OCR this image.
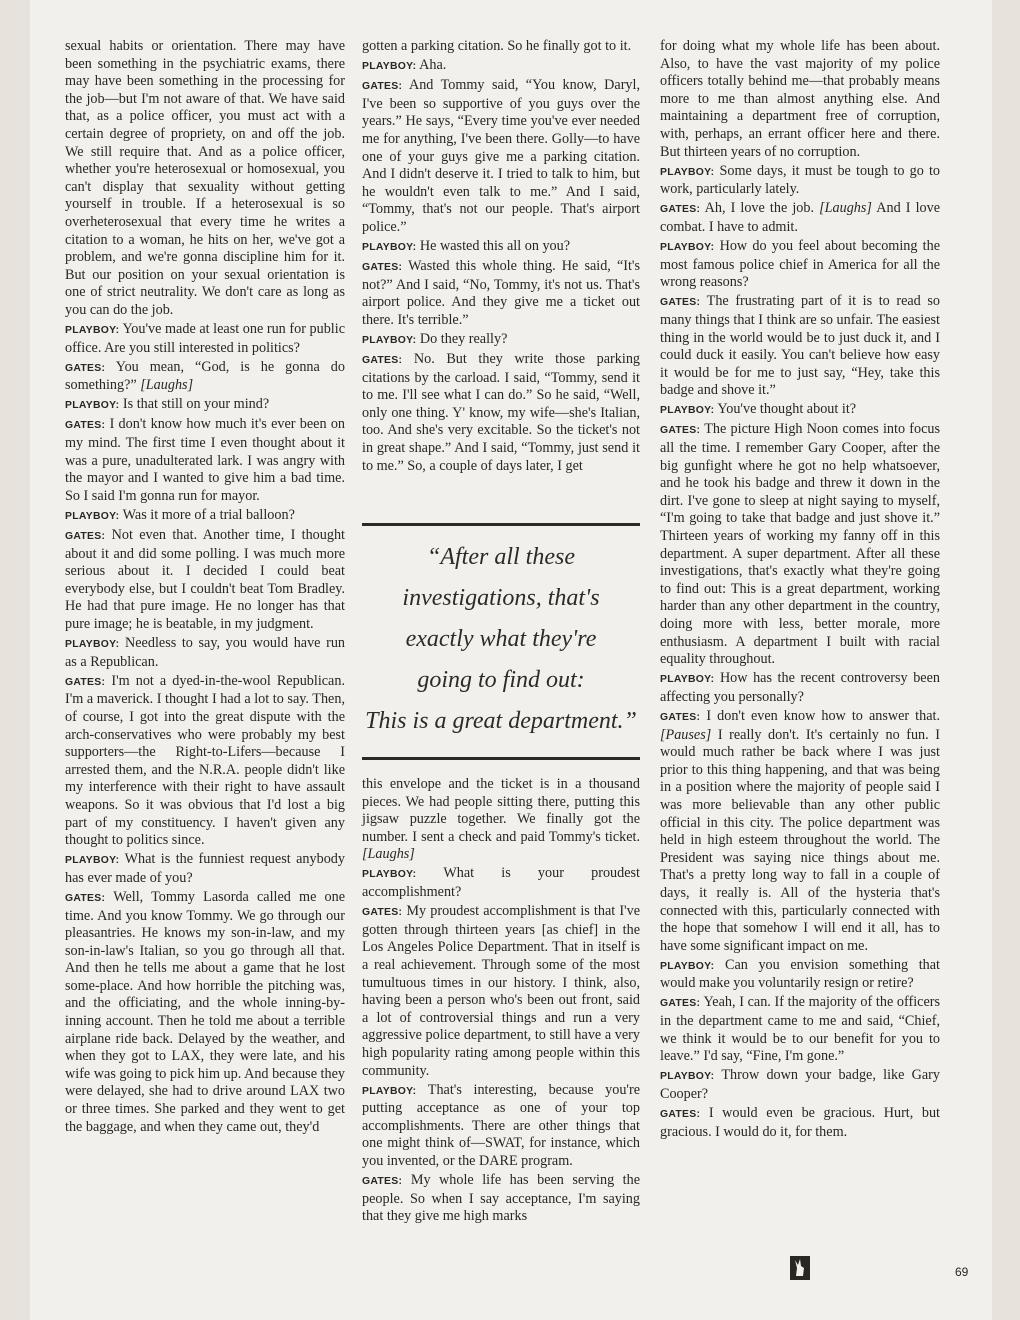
sexual habits or orientation. There may have been something in the psychiatric exams, there may have been something in the processing for the job—but I'm not aware of that. We have said that, as a police officer, you must act with a certain degree of propriety, on and off the job. We still require that. And as a police officer, whether you're heterosexual or homosexual, you can't display that sexuality without getting yourself in trouble. If a heterosexual is so overheterosexual that every time he writes a citation to a woman, he hits on her, we've got a problem, and we're gonna discipline him for it. But our position on your sexual orientation is one of strict neutrality. We don't care as long as you can do the job.

PLAYBOY: You've made at least one run for public office. Are you still interested in politics?

GATES: You mean, “God, is he gonna do something?” [Laughs]

PLAYBOY: Is that still on your mind?

GATES: I don't know how much it's ever been on my mind. The first time I even thought about it was a pure, unadulterated lark. I was angry with the mayor and I wanted to give him a bad time. So I said I'm gonna run for mayor.

PLAYBOY: Was it more of a trial balloon?

GATES: Not even that. Another time, I thought about it and did some polling. I was much more serious about it. I decided I could beat everybody else, but I couldn't beat Tom Bradley. He had that pure image. He no longer has that pure image; he is beatable, in my judgment.

PLAYBOY: Needless to say, you would have run as a Republican.

GATES: I'm not a dyed-in-the-wool Republican. I'm a maverick. I thought I had a lot to say. Then, of course, I got into the great dispute with the arch-conservatives who were probably my best supporters—the Right-to-Lifers—because I arrested them, and the N.R.A. people didn't like my interference with their right to have assault weapons. So it was obvious that I'd lost a big part of my constituency. I haven't given any thought to politics since.

PLAYBOY: What is the funniest request anybody has ever made of you?

GATES: Well, Tommy Lasorda called me one time. And you know Tommy. We go through our pleasantries. He knows my son-in-law, and my son-in-law's Italian, so you go through all that. And then he tells me about a game that he lost some-place. And how horrible the pitching was, and the officiating, and the whole inning-by-inning account. Then he told me about a terrible airplane ride back. Delayed by the weather, and when they got to LAX, they were late, and his wife was going to pick him up. And because they were delayed, she had to drive around LAX two or three times. She parked and they went to get the baggage, and when they came out, they'd

gotten a parking citation. So he finally got to it.

PLAYBOY: Aha.

GATES: And Tommy said, “You know, Daryl, I've been so supportive of you guys over the years.” He says, “Every time you've ever needed me for anything, I've been there. Golly—to have one of your guys give me a parking citation. And I didn't deserve it. I tried to talk to him, but he wouldn't even talk to me.” And I said, “Tommy, that's not our people. That's airport police.”

PLAYBOY: He wasted this all on you?

GATES: Wasted this whole thing. He said, “It's not?” And I said, “No, Tommy, it's not us. That's airport police. And they give me a ticket out there. It's terrible.”

PLAYBOY: Do they really?

GATES: No. But they write those parking citations by the carload. I said, “Tommy, send it to me. I'll see what I can do.” So he said, “Well, only one thing. Y' know, my wife—she's Italian, too. And she's very excitable. So the ticket's not in great shape.” And I said, “Tommy, just send it to me.” So, a couple of days later, I get

“After all these

investigations, that's

exactly what they're

going to find out:

This is a great department.”

this envelope and the ticket is in a thousand pieces. We had people sitting there, putting this jigsaw puzzle together. We finally got the number. I sent a check and paid Tommy's ticket. [Laughs]

PLAYBOY: What is your proudest accomplishment?

GATES: My proudest accomplishment is that I've gotten through thirteen years [as chief] in the Los Angeles Police Department. That in itself is a real achievement. Through some of the most tumultuous times in our history. I think, also, having been a person who's been out front, said a lot of controversial things and run a very aggressive police department, to still have a very high popularity rating among people within this community.

PLAYBOY: That's interesting, because you're putting acceptance as one of your top accomplishments. There are other things that one might think of—SWAT, for instance, which you invented, or the DARE program.

GATES: My whole life has been serving the people. So when I say acceptance, I'm saying that they give me high marks

for doing what my whole life has been about. Also, to have the vast majority of my police officers totally behind me—that probably means more to me than almost anything else. And maintaining a department free of corruption, with, perhaps, an errant officer here and there. But thirteen years of no corruption.

PLAYBOY: Some days, it must be tough to go to work, particularly lately.

GATES: Ah, I love the job. [Laughs] And I love combat. I have to admit.

PLAYBOY: How do you feel about becoming the most famous police chief in America for all the wrong reasons?

GATES: The frustrating part of it is to read so many things that I think are so unfair. The easiest thing in the world would be to just duck it, and I could duck it easily. You can't believe how easy it would be for me to just say, “Hey, take this badge and shove it.”

PLAYBOY: You've thought about it?

GATES: The picture High Noon comes into focus all the time. I remember Gary Cooper, after the big gunfight where he got no help whatsoever, and he took his badge and threw it down in the dirt. I've gone to sleep at night saying to myself, “I'm going to take that badge and just shove it.” Thirteen years of working my fanny off in this department. A super department. After all these investigations, that's exactly what they're going to find out: This is a great department, working harder than any other department in the country, doing more with less, better morale, more enthusiasm. A department I built with racial equality throughout.

PLAYBOY: How has the recent controversy been affecting you personally?

GATES: I don't even know how to answer that. [Pauses] I really don't. It's certainly no fun. I would much rather be back where I was just prior to this thing happening, and that was being in a position where the majority of people said I was more believable than any other public official in this city. The police department was held in high esteem throughout the world. The President was saying nice things about me. That's a pretty long way to fall in a couple of days, it really is. All of the hysteria that's connected with this, particularly connected with the hope that somehow I will end it all, has to have some significant impact on me.

PLAYBOY: Can you envision something that would make you voluntarily resign or retire?

GATES: Yeah, I can. If the majority of the officers in the department came to me and said, “Chief, we think it would be to our benefit for you to leave.” I'd say, “Fine, I'm gone.”

PLAYBOY: Throw down your badge, like Gary Cooper?

GATES: I would even be gracious. Hurt, but gracious. I would do it, for them.

69
